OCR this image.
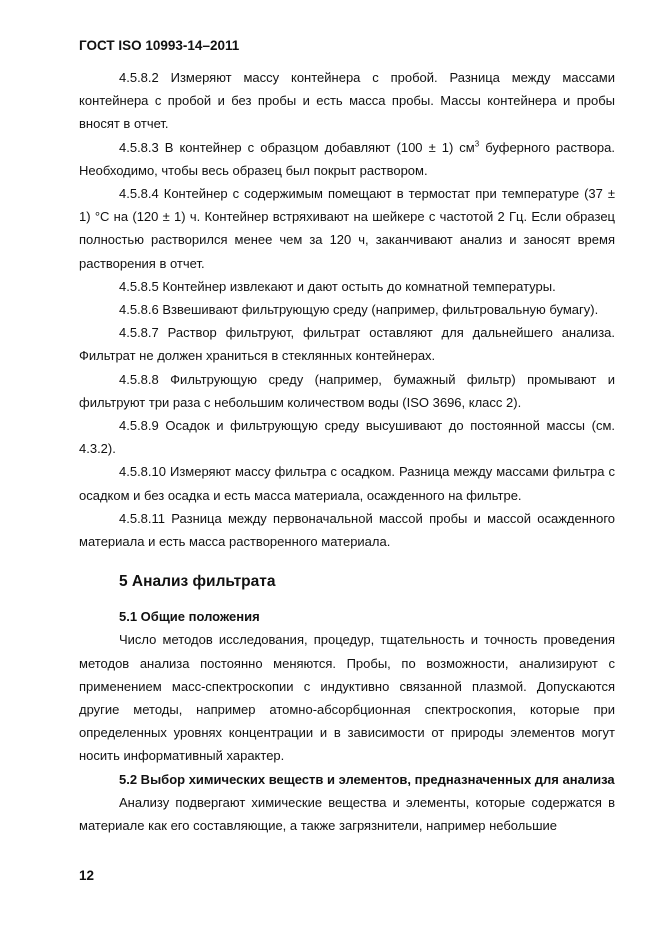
ГОСТ ISO 10993-14–2011

4.5.8.2 Измеряют массу контейнера с пробой. Разница между массами контейнера с пробой и без пробы и есть масса пробы. Массы контейнера и пробы вносят в отчет.

4.5.8.3 В контейнер с образцом добавляют (100 ± 1) $см^3$ буферного раствора. Необходимо, чтобы весь образец был покрыт раствором.

4.5.8.4 Контейнер с содержимым помещают в термостат при температуре (37 ± 1) °С на (120 ± 1) ч. Контейнер встряхивают на шейкере с частотой 2 Гц. Если образец полностью растворился менее чем за 120 ч, заканчивают анализ и заносят время растворения в отчет.

4.5.8.5 Контейнер извлекают и дают остыть до комнатной температуры.

4.5.8.6 Взвешивают фильтрующую среду (например, фильтровальную бумагу).

4.5.8.7 Раствор фильтруют, фильтрат оставляют для дальнейшего анализа. Фильтрат не должен храниться в стеклянных контейнерах.

4.5.8.8 Фильтрующую среду (например, бумажный фильтр) промывают и фильтруют три раза с небольшим количеством воды (ISO 3696, класс 2).

4.5.8.9 Осадок и фильтрующую среду высушивают до постоянной массы (см. 4.3.2).

4.5.8.10 Измеряют массу фильтра с осадком. Разница между массами фильтра с осадком и без осадка и есть масса материала, осажденного на фильтре.

4.5.8.11 Разница между первоначальной массой пробы и массой осажденного материала и есть масса растворенного материала.

5 Анализ фильтрата
5.1 Общие положения

Число методов исследования, процедур, тщательность и точность проведения методов анализа постоянно меняются. Пробы, по возможности, анализируют с применением масс-спектроскопии с индуктивно связанной плазмой. Допускаются другие методы, например атомно-абсорбционная спектроскопия, которые при определенных уровнях концентрации и в зависимости от природы элементов могут носить информативный характер.

5.2 Выбор химических веществ и элементов, предназначенных для анализа

Анализу подвергают химические вещества и элементы, которые содержатся в материале как его составляющие, а также загрязнители, например небольшие

12
